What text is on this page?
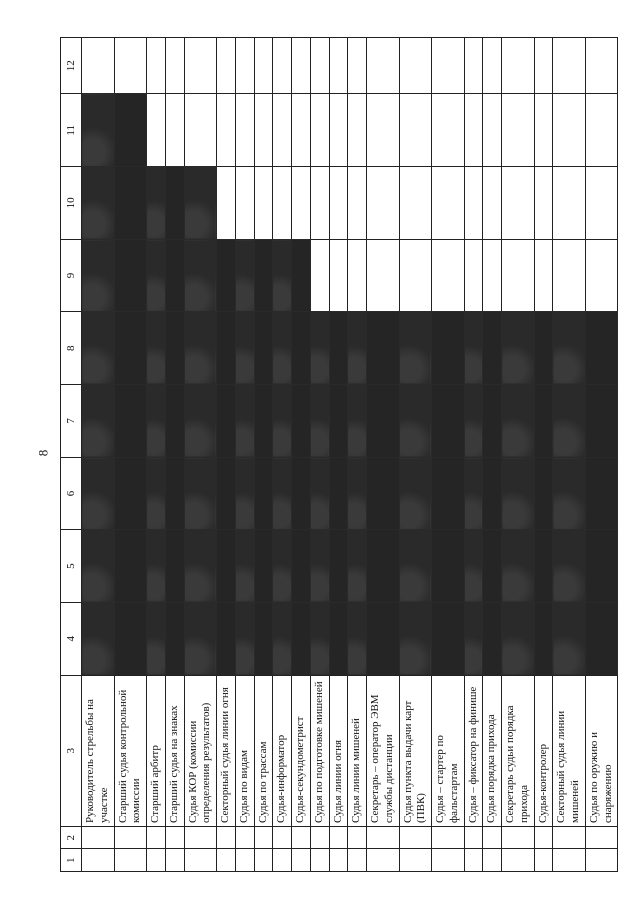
8
1	2	3	4	5	6	7	8	9	10	11	12
		Руководитель стрельбы на участке									
		Старший судья контрольной комиссии									
		Старший арбитр									
		Старший судья на знаках									
		Судья КОР (комиссии определения результатов)									
		Секторный судья линии огня									
		Судья по видам									
		Судья по трассам									
		Судья-информатор									
		Судья-секундометрист									
		Судья по подготовке мишеней									
		Судья линии огня									
		Судья линии мишеней									
		Секретарь – оператор ЭВМ службы дистанции									
		Судья пункта выдачи карт (ПВК)									
		Судья – стартер по фальстартам									
		Судья – фиксатор на финише									
		Судья порядка прихода									
		Секретарь судьи порядка прихода									
		Судья-контролер									
		Секторный судья линии мишеней									
		Судья по оружию и снаряжению									
